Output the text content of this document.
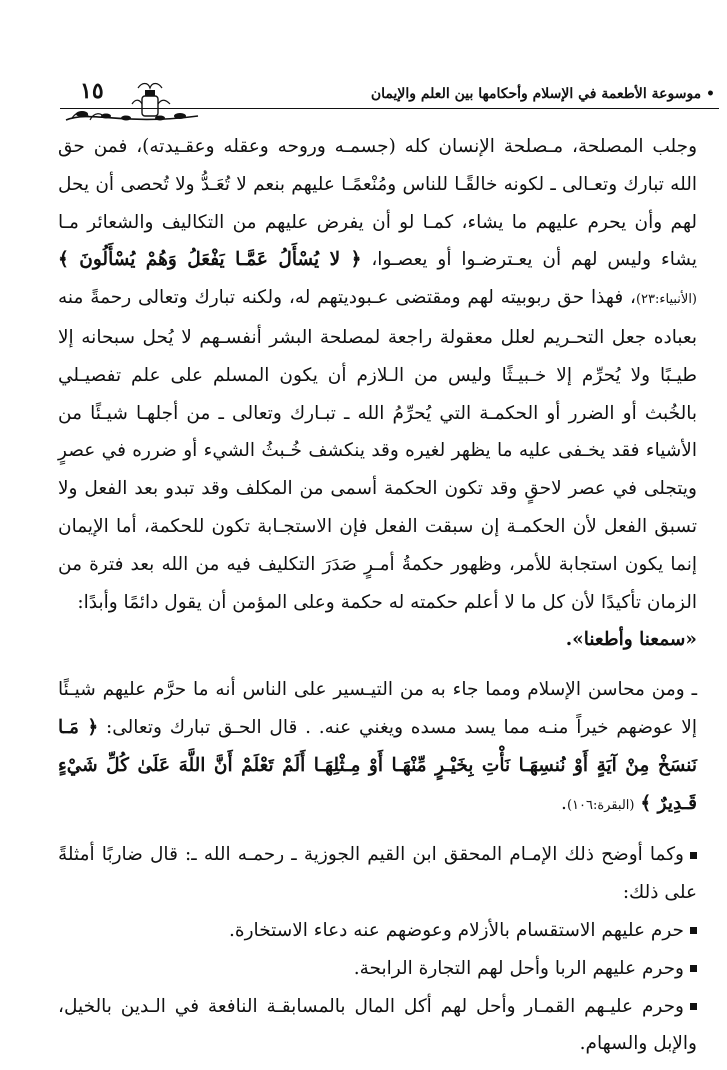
• موسوعة الأطعمة في الإسلام وأحكامها بين العلم والإيمان
١٥

وجلب المصلحة، مـصلحة الإنسان كله (جسمـه وروحه وعقله وعقـيدته)، فمن حق الله تبارك وتعـالى ـ لكونه خالقًـا للناس ومُنْعمًـا عليهم بنعم لا تُعَـدُّ ولا تُحصى أن يحل لهم وأن يحرم عليهم ما يشاء، كمـا لو أن يفرض عليهم من التكاليف والشعائر مـا يشاء وليس لهم أن يعـترضـوا أو يعصـوا، ﴿ لا يُسْأَلُ عَمَّـا يَفْعَلُ وَهُمْ يُسْأَلُونَ ﴾ (الأنبياء:٢٣)، فهذا حق ربوبيته لهم ومقتضى عـبوديتهم له، ولكنه تبارك وتعالى رحمةً منه بعباده جعل التحـريم لعلل معقولة راجعة لمصلحة البشر أنفسـهم لا يُحل سبحانه إلا طيـبًا ولا يُحرِّم إلا خـبيـثًا وليس من الـلازم أن يكون المسلم على علم تفصيـلي بالخُبث أو الضرر أو الحكمـة التي يُحرِّمُ الله ـ تبـارك وتعالى ـ من أجلهـا شيـئًا من الأشياء فقد يخـفى عليه ما يظهر لغيره وقد ينكشف خُـبثُ الشيء أو ضرره في عصرٍ ويتجلى في عصر لاحقٍ وقد تكون الحكمة أسمى من المكلف وقد تبدو بعد الفعل ولا تسبق الفعل لأن الحكمـة إن سبقت الفعل فإن الاستجـابة تكون للحكمة، أما الإيمان إنما يكون استجابة للأمر، وظهور حكمةُ أمـرٍ صَدَرَ التكليف فيه من الله بعد فترة من الزمان تأكيدًا لأن كل ما لا أعلم حكمته له حكمة وعلى المؤمن أن يقول دائمًا وأبدًا:

«سمعنا وأطعنا».

ـ ومن محاسن الإسلام ومما جاء به من التيـسير على الناس أنه ما حرَّم عليهم شيـئًا إلا عوضهم خيراً منـه مما يسد مسده ويغني عنه. . قال الحـق تبارك وتعالى: ﴿ مَـا نَنسَخْ مِنْ آيَةٍ أَوْ نُنسِهَـا نَأْتِ بِخَيْـرٍ مِّنْهَـا أَوْ مِـثْلِهَـا أَلَمْ تَعْلَمْ أَنَّ اللَّهَ عَلَىٰ كُلِّ شَيْءٍ قَـدِيرٌ ﴾ (البقرة:١٠٦).

وكما أوضح ذلك الإمـام المحقق ابن القيم الجوزية ـ رحمـه الله ـ: قال ضاربًا أمثلةً على ذلك:

حرم عليهم الاستقسام بالأزلام وعوضهم عنه دعاء الاستخارة.

وحرم عليهم الربا وأحل لهم التجارة الرابحة.

وحرم عليـهم القمـار وأحل لهم أكل المال بالمسابقـة النافعة في الـدين بالخيل، والإبل والسهام.
